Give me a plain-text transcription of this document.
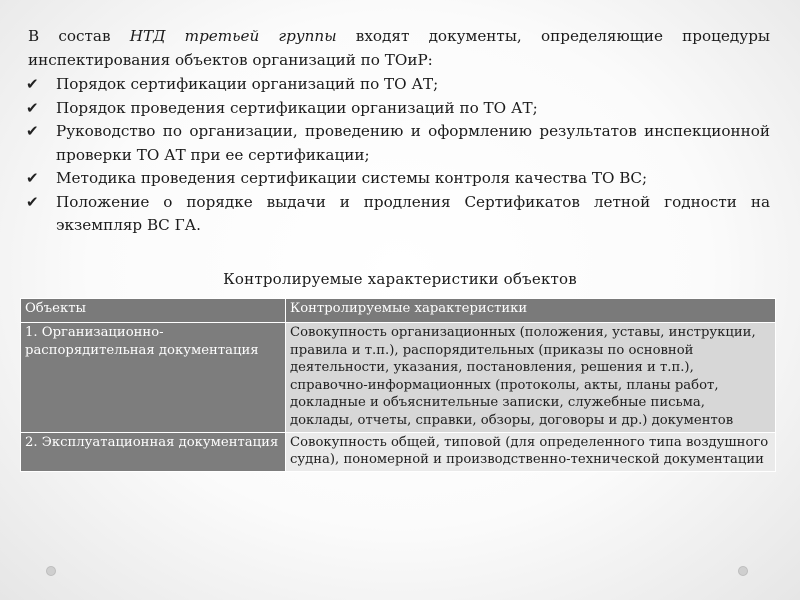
В состав НТД третьей группы входят документы, определяющие процедуры инспектирования объектов организаций по ТОиР:
✔ Порядок сертификации организаций по ТО АТ;
✔ Порядок проведения сертификации организаций по ТО АТ;
✔ Руководство по организации, проведению и оформлению результатов инспекционной проверки ТО АТ при ее сертификации;
✔ Методика проведения сертификации системы контроля качества ТО ВС;
✔ Положение о порядке выдачи и продления Сертификатов летной годности на экземпляр ВС ГА.
Контролируемые характеристики объектов
Объекты	Контролируемые характеристики
1. Организационно-распорядительная документация	Совокупность организационных (положения, уставы, инструкции, правила и т.п.), распорядительных (приказы по основной деятельности, указания, постановления, решения и т.п.), справочно-информационных (протоколы, акты, планы работ, докладные и объяснительные записки, служебные письма, доклады, отчеты, справки, обзоры, договоры и др.) документов
2. Эксплуатационная документация	Совокупность общей, типовой (для определенного типа воздушного судна), пономерной и производственно-технической документации
